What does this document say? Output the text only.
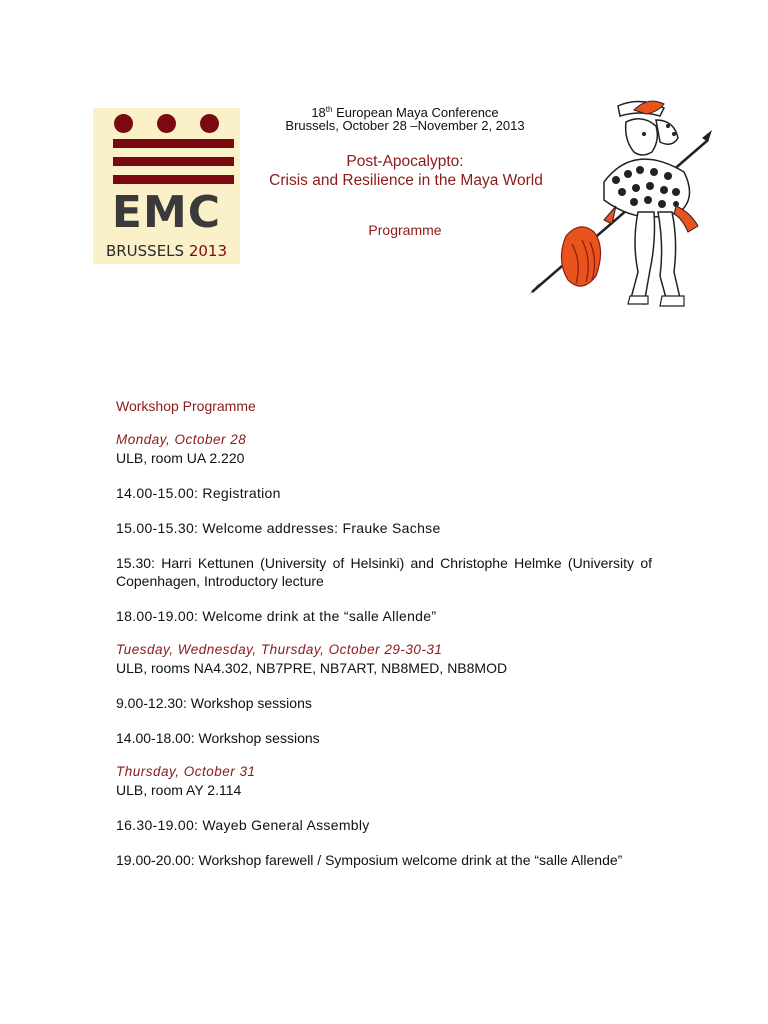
EMC
BRUSSELS 2013
18th European Maya Conference
Brussels, October 28 –November 2, 2013
Post-Apocalypto:
Crisis and Resilience in the Maya World
Programme
Workshop Programme

Monday, October 28

ULB, room UA 2.220

14.00-15.00: Registration
15.00-15.30: Welcome addresses: Frauke Sachse
15.30: Harri Kettunen (University of Helsinki) and Christophe Helmke (University of Copenhagen, Introductory lecture
18.00-19.00: Welcome drink at the “salle Allende”

Tuesday, Wednesday, Thursday, October 29-30-31

ULB, rooms NA4.302, NB7PRE, NB7ART, NB8MED, NB8MOD

9.00-12.30: Workshop sessions
14.00-18.00: Workshop sessions

Thursday, October 31

ULB, room AY 2.114

16.30-19.00: Wayeb General Assembly
19.00-20.00: Workshop farewell / Symposium welcome drink at the “salle Allende”
